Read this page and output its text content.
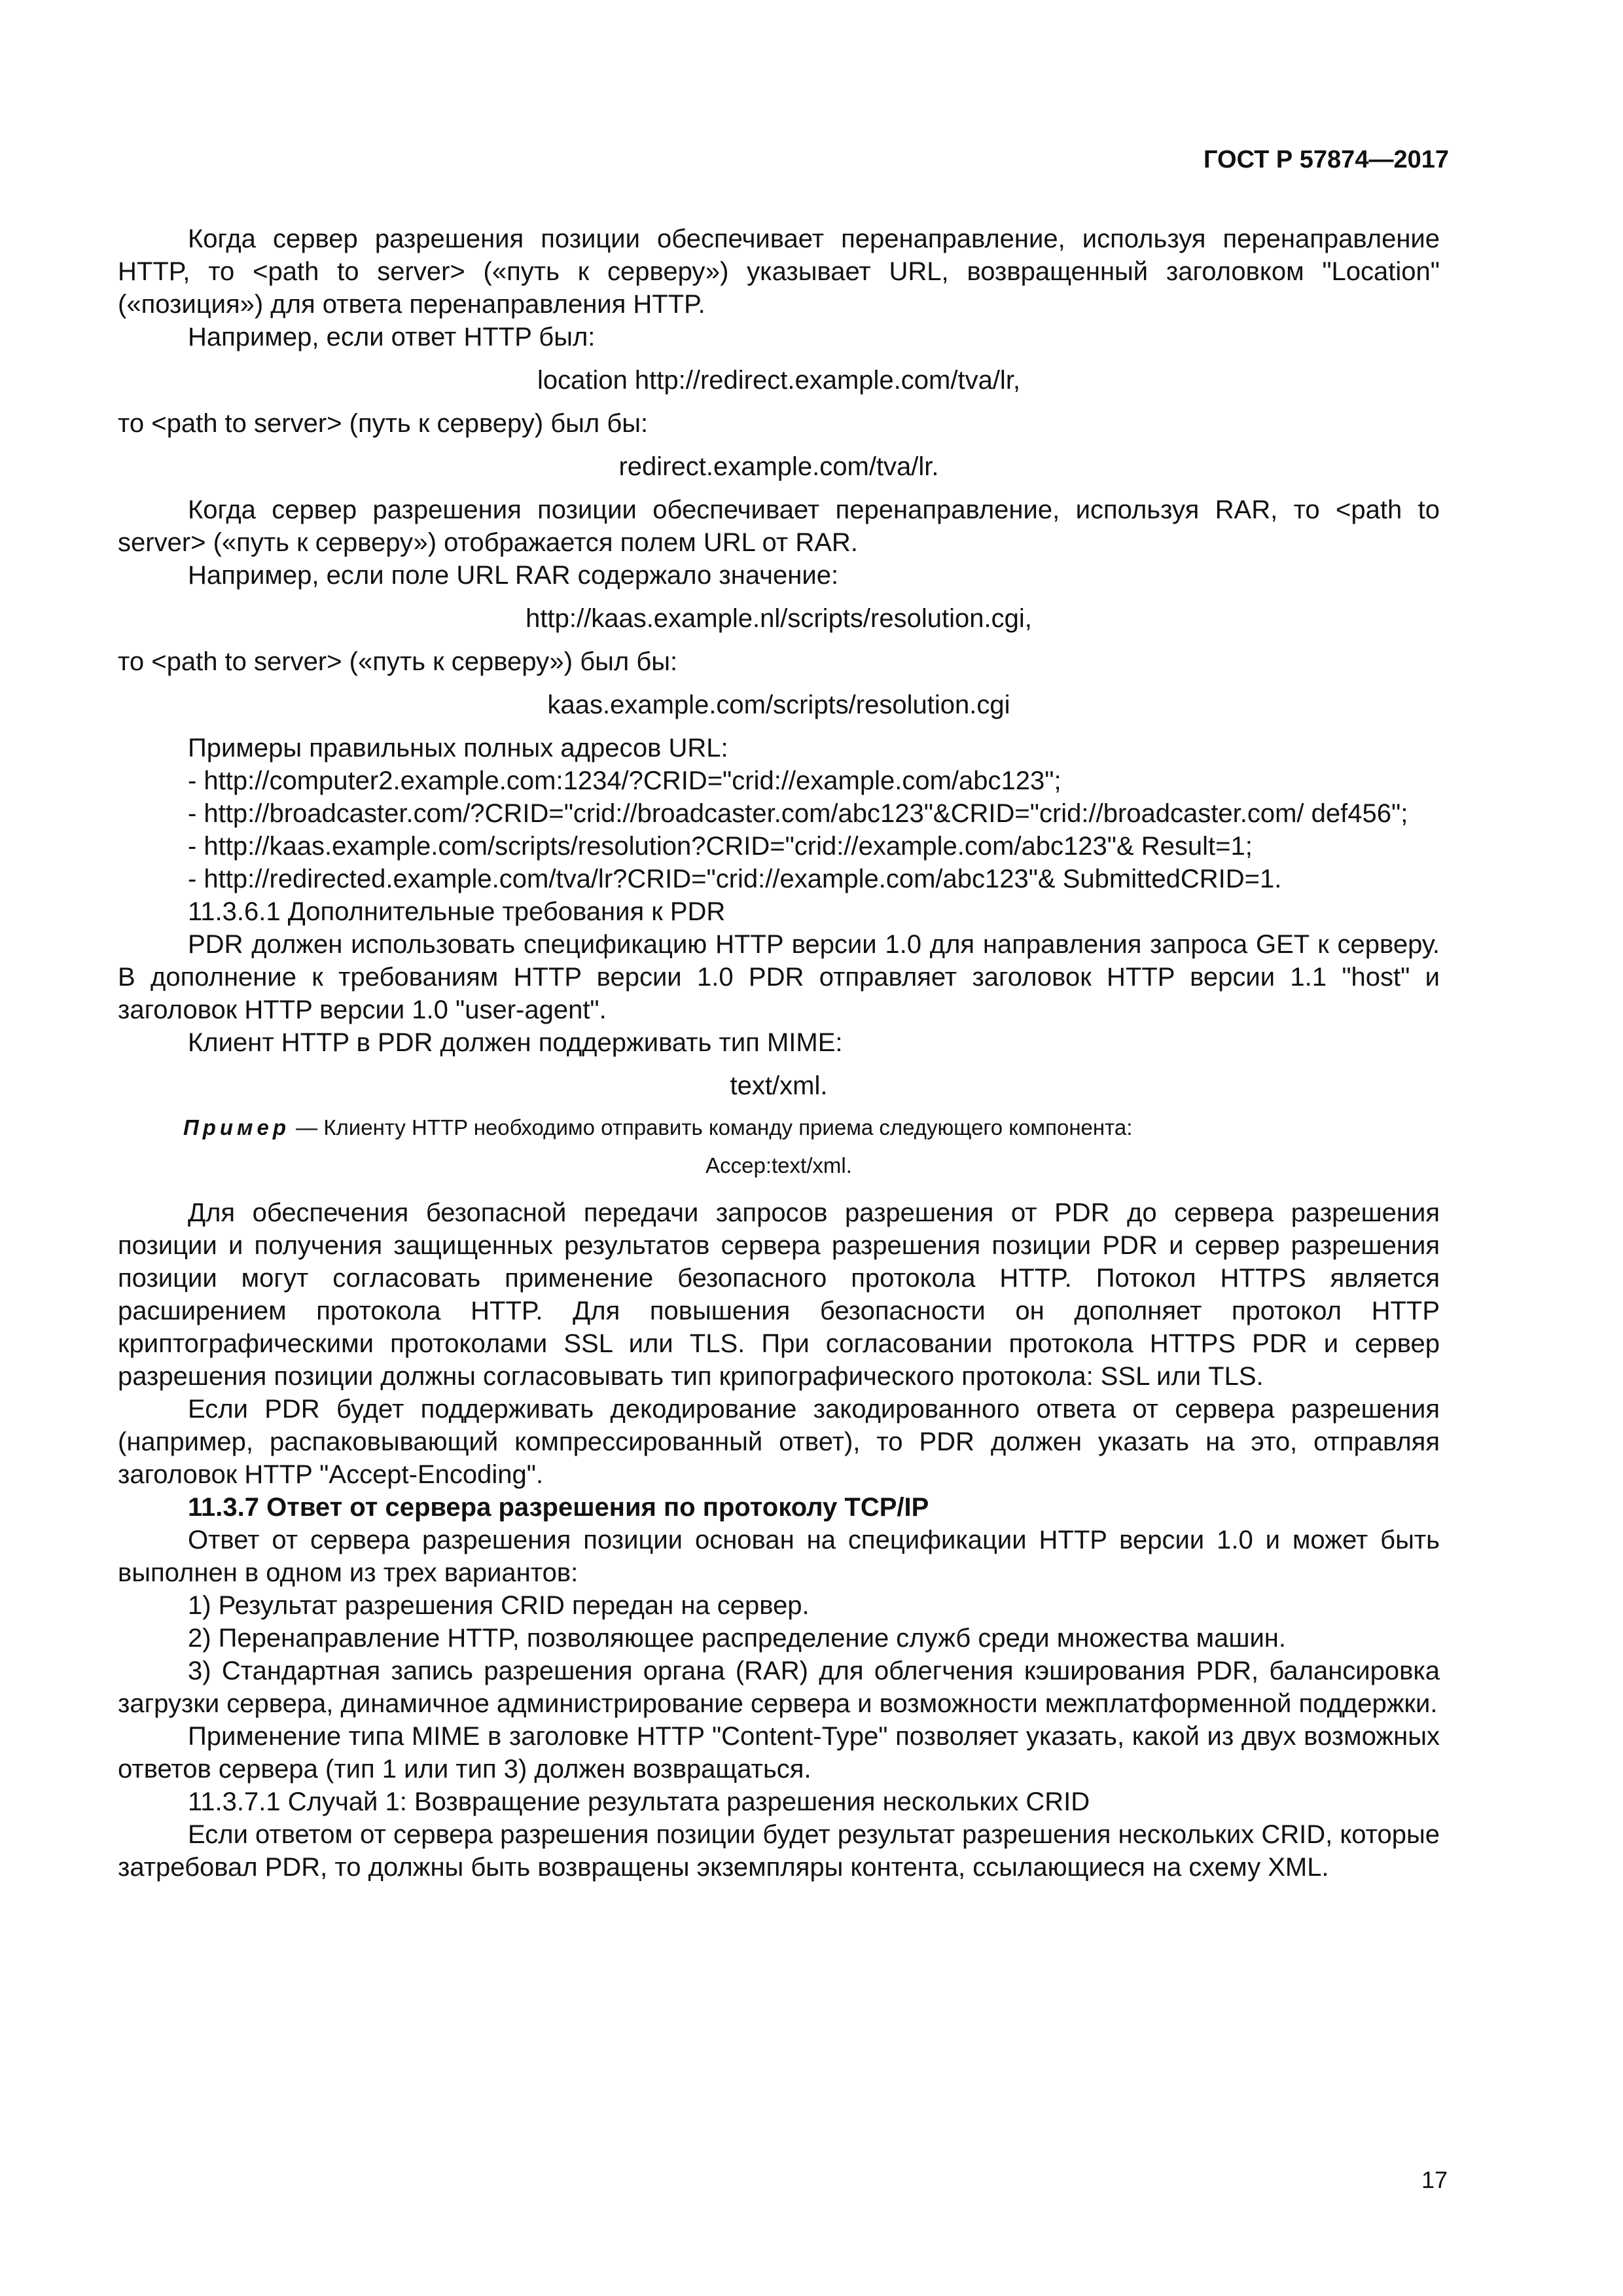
ГОСТ Р 57874—2017

Когда сервер разрешения позиции обеспечивает перенаправление, используя перенаправление HTTP, то <path to server> («путь к серверу») указывает URL, возвращенный заголовком "Location" («позиция») для ответа перенаправления HTTP.

Например, если ответ HTTP был:

location http://redirect.example.com/tva/lr,

то <path to server> (путь к серверу) был бы:

redirect.example.com/tva/lr.

Когда сервер разрешения позиции обеспечивает перенаправление, используя RAR, то <path to server> («путь к серверу») отображается полем URL от RAR.

Например, если поле URL RAR содержало значение:

http://kaas.example.nl/scripts/resolution.cgi,

то <path to server> («путь к серверу») был бы:

kaas.example.com/scripts/resolution.cgi

Примеры правильных полных адресов URL:

- http://computer2.example.com:1234/?CRID="crid://example.com/abc123";

- http://broadcaster.com/?CRID="crid://broadcaster.com/abc123"&CRID="crid://broadcaster.com/ def456";

- http://kaas.example.com/scripts/resolution?CRID="crid://example.com/abc123"& Result=1;

- http://redirected.example.com/tva/lr?CRID="crid://example.com/abc123"& SubmittedCRID=1.

11.3.6.1 Дополнительные требования к PDR

PDR должен использовать спецификацию HTTP версии 1.0 для направления запроса GET к серверу. В дополнение к требованиям HTTP версии 1.0 PDR отправляет заголовок HTTP версии 1.1 "host" и заголовок HTTP версии 1.0 "user-agent".

Клиент HTTP в PDR должен поддерживать тип MIME:

text/xml.

Пример — Клиенту HTTP необходимо отправить команду приема следующего компонента:

Accep:text/xml.

Для обеспечения безопасной передачи запросов разрешения от PDR до сервера разрешения позиции и получения защищенных результатов сервера разрешения позиции PDR и сервер разрешения позиции могут согласовать применение безопасного протокола HTTP. Потокол HTTPS является расширением протокола HTTP. Для повышения безопасности он дополняет протокол HTTP криптографическими протоколами SSL или TLS. При согласовании протокола HTTPS PDR и сервер разрешения позиции должны согласовывать тип крипографического протокола: SSL или TLS.

Если PDR будет поддерживать декодирование закодированного ответа от сервера разрешения (например, распаковывающий компрессированный ответ), то PDR должен указать на это, отправляя заголовок HTTP "Accept-Encoding".

11.3.7 Ответ от сервера разрешения по протоколу TCP/IP

Ответ от сервера разрешения позиции основан на спецификации HTTP версии 1.0 и может быть выполнен в одном из трех вариантов:

1) Результат разрешения CRID передан на сервер.

2) Перенаправление HTTP, позволяющее распределение служб среди множества машин.

3) Стандартная запись разрешения органа (RAR) для облегчения кэширования PDR, балансировка загрузки сервера, динамичное администрирование сервера и возможности межплатформенной поддержки.

Применение типа MIME в заголовке HTTP "Content-Type" позволяет указать, какой из двух возможных ответов сервера (тип 1 или тип 3) должен возвращаться.

11.3.7.1 Случай 1: Возвращение результата разрешения нескольких CRID

Если ответом от сервера разрешения позиции будет результат разрешения нескольких CRID, которые затребовал PDR, то должны быть возвращены экземпляры контента, ссылающиеся на схему XML.

17
